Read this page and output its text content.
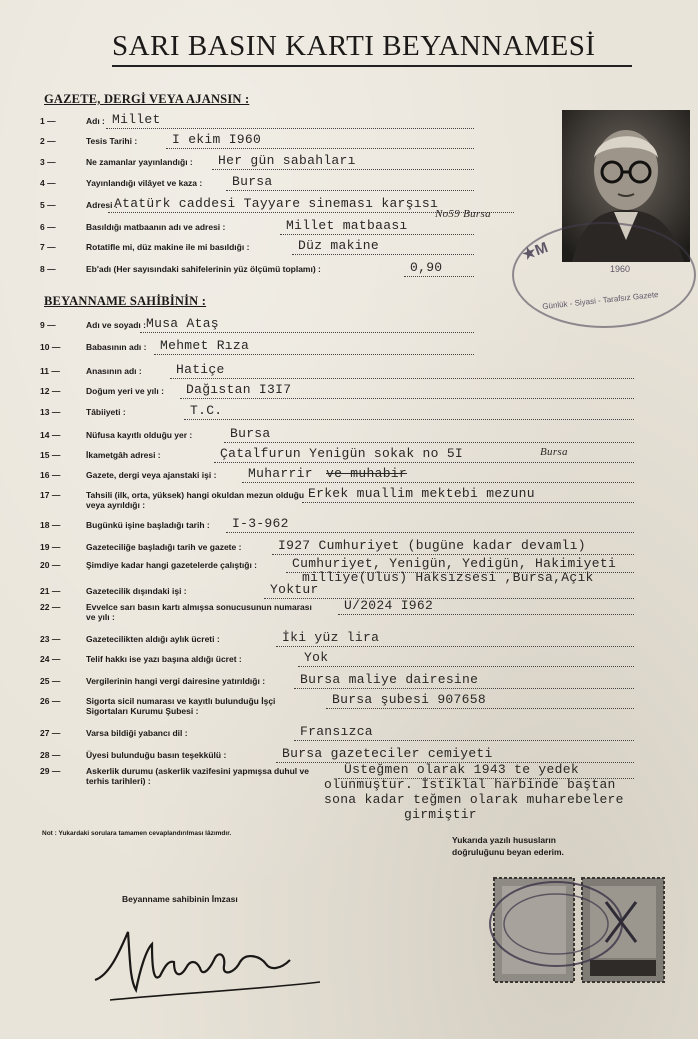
SARI BASIN KARTI BEYANNAMESİ
GAZETE, DERGİ VEYA AJANSIN :
1 —	Adı : Millet
2 —	Tesis Tarihi :	I ekim I960
3 —	Ne zamanlar yayınlandığı : Her gün sabahları
4 —	Yayınlandığı vilâyet ve kaza : Bursa
5 —	Adresi :
Atatürk caddesi Tayyare sineması karşısı
No59 Bursa
6 —	Basıldığı matbaanın adı ve adresi :	Millet matbaası
7 —	Rotatifle mi, düz makine ile mi basıldığı :	Düz makine
8 —	Eb'adı (Her sayısındaki sahifelerinin yüz ölçümü toplamı) :	0,90
9 —	Adı ve soyadı : Musa Ataş
10 —	Babasının adı : Mehmet Rıza
11 —	Anasının adı :	Hatiçe
12 —	Doğum yeri ve yılı : Dağıstan I3I7
13 —	Tâbiiyeti :	T.C.
14 —	Nüfusa kayıtlı olduğu yer :	Bursa
15 —	İkametgâh adresi :	Çatalfurun Yenigün sokak no 5I	Bursa
16 —	Gazete, dergi veya ajanstaki işi : Muharrir ve muhabir
17 —	Tahsili (ilk, orta, yüksek) hangi okuldan mezun olduğu veya ayrıldığı :
Erkek muallim mektebi mezunu
18 —	Bugünkü işine başladığı tarih : I-3-962
19 —	Gazeteciliğe başladığı tarih ve gazete :	I927 Cumhuriyet (bugüne kadar devamlı)
20 —	Şimdiye kadar hangi gazetelerde çalıştığı :	Cumhuriyet, Yenigün, Yedigün, Hakimiyeti
milliye(Ulus) Haksızsesi ,Bursa,Açık
21 —	Gazetecilik dışındaki işi :	Yoktur
22 —	Evvelce sarı basın kartı almışsa sonucusunun numarası ve yılı :
U/2024 I962
23 —	Gazetecilikten aldığı aylık ücreti :	İki yüz lira
24 —	Telif hakkı ise yazı başına aldığı ücret :	Yok
25 —	Vergilerinin hangi vergi dairesine yatırıldığı :	Bursa maliye dairesine
26 —	Sigorta sicil numarası ve kayıtlı bulunduğu İşçi Sigortaları Kurumu Şubesi :
Bursa şubesi 907658
27 —	Varsa bildiği yabancı dil :	Fransızca
28 —	Üyesi bulunduğu basın teşekkülü :	Bursa gazeteciler cemiyeti
29 —	Askerlik durumu (askerlik vazifesini yapmışsa duhul ve terhis tarihleri) :
Üsteğmen olarak 1943 te yedek
olunmuştur. İstiklal harbinde baştan
sona kadar teğmen olarak muharebelere
girmiştir
BEYANNAME SAHİBİNİN :
★M
1960
Günlük - Siyasi - Tarafsız Gazete
Not : Yukardaki sorulara tamamen cevaplandırılması lâzımdır.
Yukarıda yazılı hususların doğruluğunu beyan ederim.
Beyanname sahibinin İmzası
